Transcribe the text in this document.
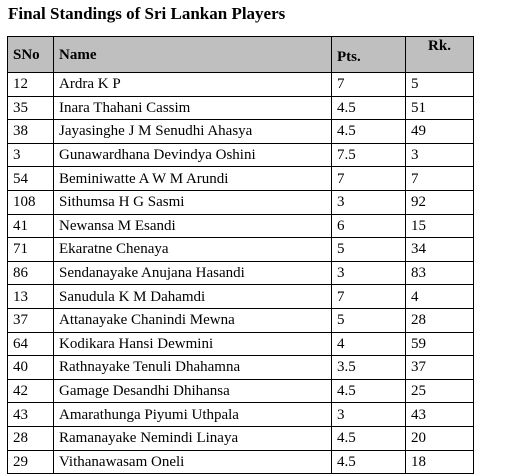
Final Standings of Sri Lankan Players
SNo	Name	Pts.	Rk.
12	Ardra K P	7	5
35	Inara Thahani Cassim	4.5	51
38	Jayasinghe J M Senudhi Ahasya	4.5	49
3	Gunawardhana Devindya Oshini	7.5	3
54	Beminiwatte A W M Arundi	7	7
108	Sithumsa H G Sasmi	3	92
41	Newansa M Esandi	6	15
71	Ekaratne Chenaya	5	34
86	Sendanayake Anujana Hasandi	3	83
13	Sanudula K M Dahamdi	7	4
37	Attanayake Chanindi Mewna	5	28
64	Kodikara Hansi Dewmini	4	59
40	Rathnayake Tenuli Dhahamna	3.5	37
42	Gamage Desandhi Dhihansa	4.5	25
43	Amarathunga Piyumi Uthpala	3	43
28	Ramanayake Nemindi Linaya	4.5	20
29	Vithanawasam Oneli	4.5	18
